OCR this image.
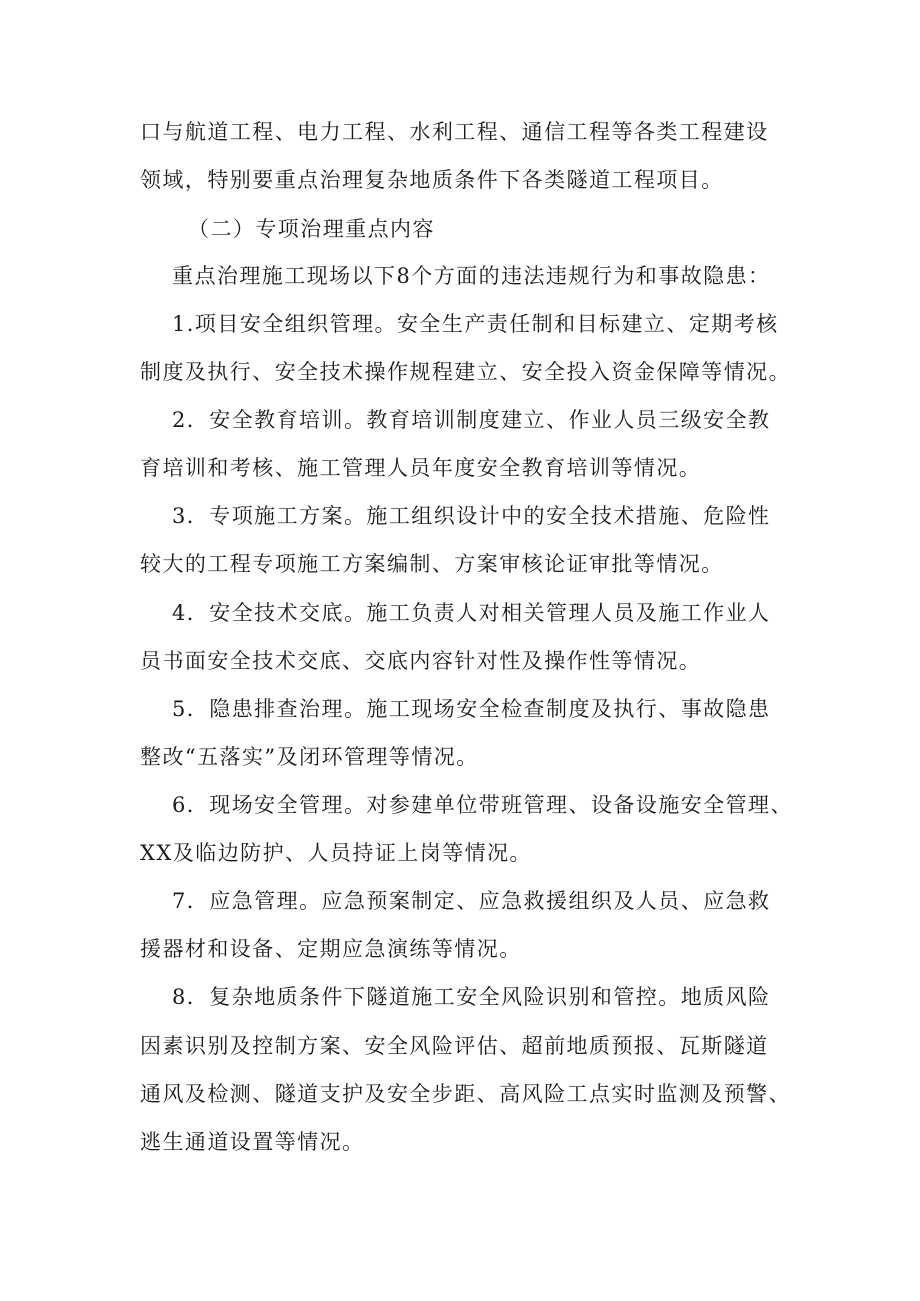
口与航道工程、电力工程、水利工程、通信工程等各类工程建设
领域，特别要重点治理复杂地质条件下各类隧道工程项目。
（二）专项治理重点内容
重点治理施工现场以下8个方面的违法违规行为和事故隐患：
1.项目安全组织管理。安全生产责任制和目标建立、定期考核
制度及执行、安全技术操作规程建立、安全投入资金保障等情况。
2．安全教育培训。教育培训制度建立、作业人员三级安全教
育培训和考核、施工管理人员年度安全教育培训等情况。
3．专项施工方案。施工组织设计中的安全技术措施、危险性
较大的工程专项施工方案编制、方案审核论证审批等情况。
4．安全技术交底。施工负责人对相关管理人员及施工作业人
员书面安全技术交底、交底内容针对性及操作性等情况。
5．隐患排查治理。施工现场安全检查制度及执行、事故隐患
整改“五落实”及闭环管理等情况。
6．现场安全管理。对参建单位带班管理、设备设施安全管理、
XX及临边防护、人员持证上岗等情况。
7．应急管理。应急预案制定、应急救援组织及人员、应急救
援器材和设备、定期应急演练等情况。
8．复杂地质条件下隧道施工安全风险识别和管控。地质风险
因素识别及控制方案、安全风险评估、超前地质预报、瓦斯隧道
通风及检测、隧道支护及安全步距、高风险工点实时监测及预警、
逃生通道设置等情况。
